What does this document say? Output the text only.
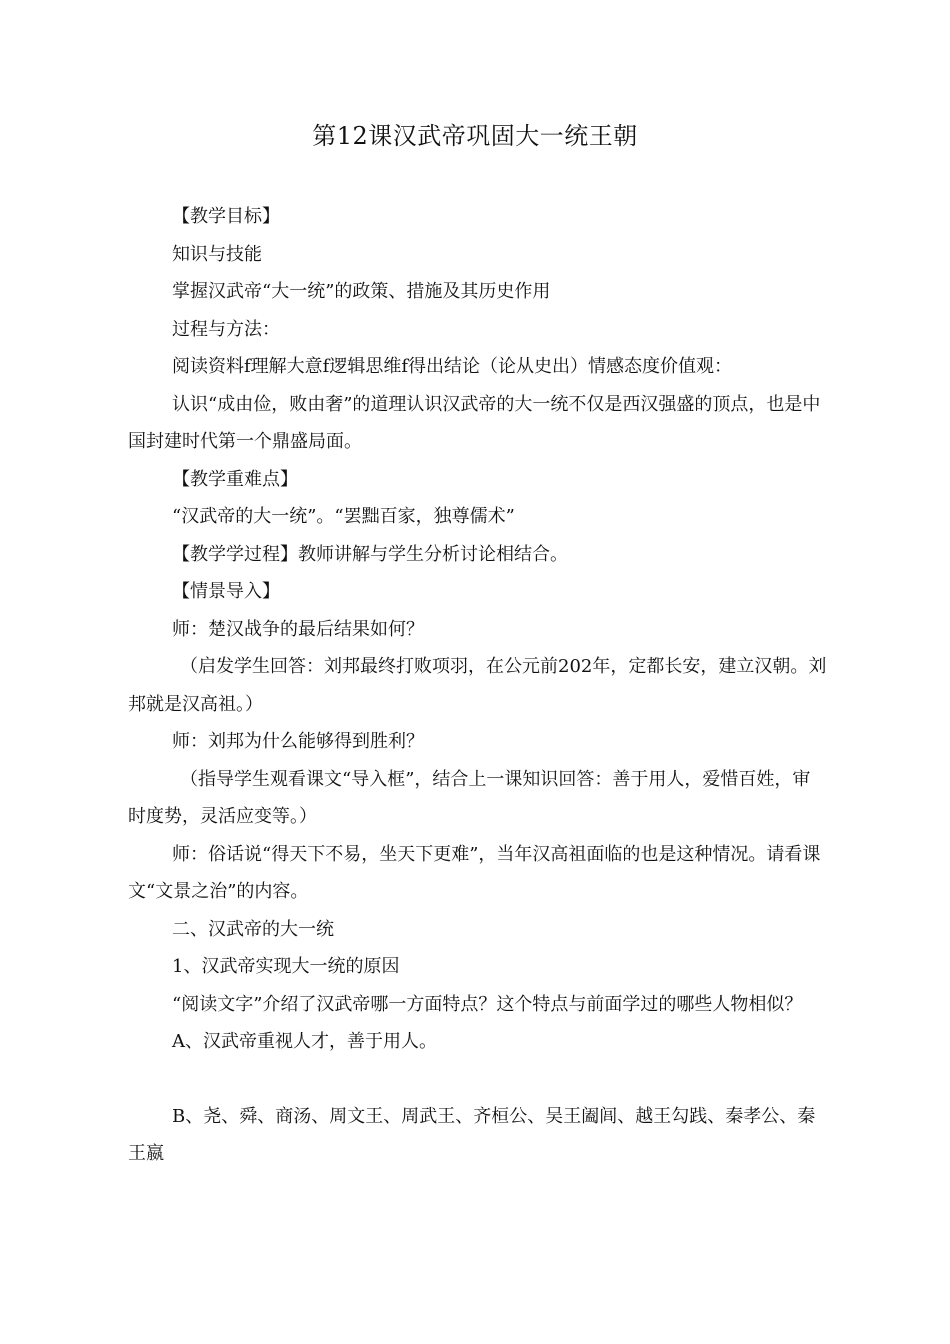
第12课汉武帝巩固大一统王朝

【教学目标】

知识与技能

掌握汉武帝“大一统”的政策、措施及其历史作用

过程与方法：

阅读资料f理解大意f逻辑思维f得出结论（论从史出）情感态度价值观：

认识“成由俭，败由奢”的道理认识汉武帝的大一统不仅是西汉强盛的顶点，也是中国封建时代第一个鼎盛局面。

【教学重难点】

“汉武帝的大一统”。“罢黜百家，独尊儒术”

【教学学过程】教师讲解与学生分析讨论相结合。

【情景导入】

师：楚汉战争的最后结果如何？

（启发学生回答：刘邦最终打败项羽，在公元前202年，定都长安，建立汉朝。刘邦就是汉高祖。）

师：刘邦为什么能够得到胜利？

（指导学生观看课文“导入框”，结合上一课知识回答：善于用人，爱惜百姓，审时度势，灵活应变等。）

师：俗话说“得天下不易，坐天下更难”，当年汉高祖面临的也是这种情况。请看课文“文景之治”的内容。

二、汉武帝的大一统

1、汉武帝实现大一统的原因

“阅读文字”介绍了汉武帝哪一方面特点？这个特点与前面学过的哪些人物相似？

A、汉武帝重视人才，善于用人。

B、尧、舜、商汤、周文王、周武王、齐桓公、吴王阖闾、越王勾践、秦孝公、秦王嬴
